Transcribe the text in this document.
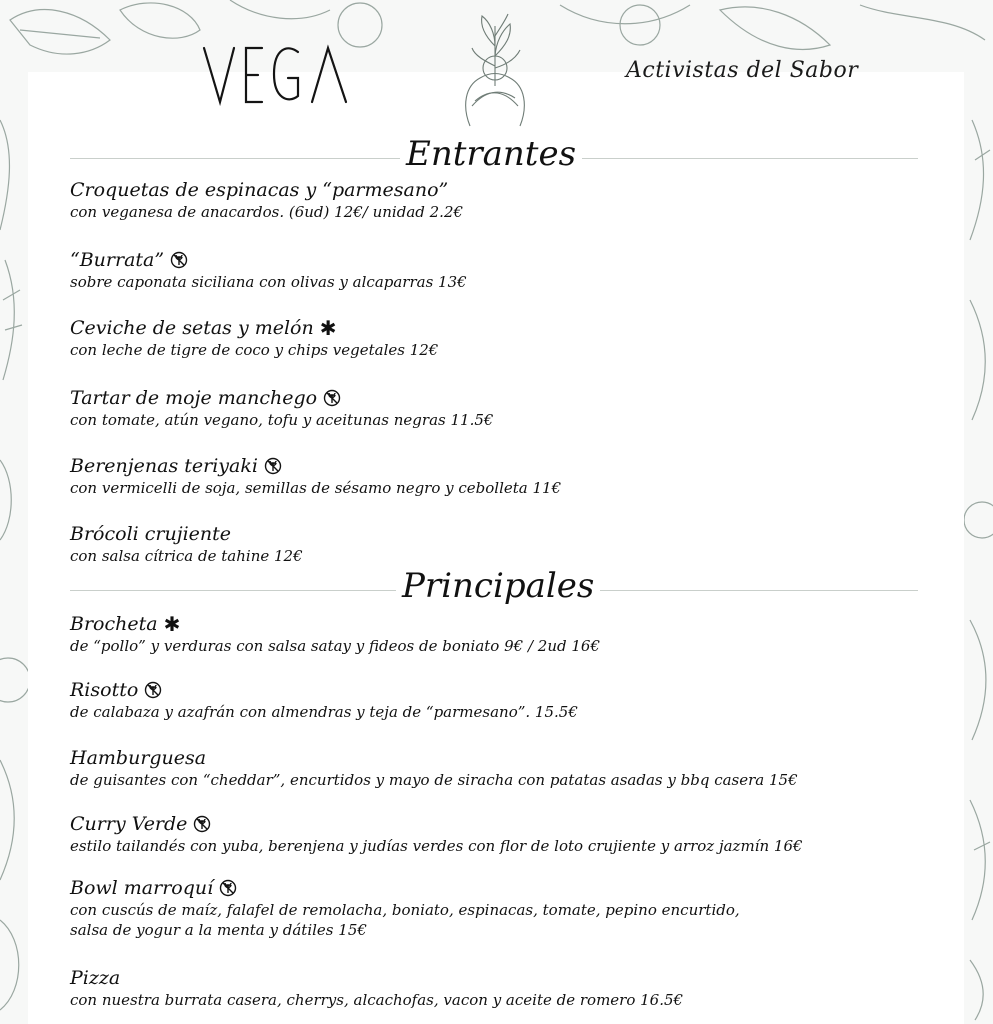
Activistas del Sabor
Entrantes
Croquetas de espinacas y “parmesano”
con veganesa de anacardos. (6ud) 12€/ unidad 2.2€
“Burrata”
sobre caponata siciliana con olivas y alcaparras 13€
Ceviche de setas y melón ✱
con leche de tigre de coco y chips vegetales 12€
Tartar de moje manchego
con tomate, atún vegano, tofu y aceitunas negras 11.5€
Berenjenas teriyaki
con vermicelli de soja, semillas de sésamo negro y cebolleta 11€
Brócoli crujiente
con salsa cítrica de tahine 12€
Principales
Brocheta ✱
de “pollo” y verduras con salsa satay y fideos de boniato 9€ / 2ud 16€
Risotto
de calabaza y azafrán con almendras y teja de “parmesano”. 15.5€
Hamburguesa
de guisantes con “cheddar”, encurtidos y mayo de siracha con patatas asadas y bbq casera 15€
Curry Verde
estilo tailandés con yuba, berenjena y judías verdes con flor de loto crujiente y arroz jazmín 16€
Bowl marroquí
con cuscús de maíz, falafel de remolacha, boniato, espinacas, tomate, pepino encurtido,
salsa de yogur a la menta y dátiles 15€
Pizza
con nuestra burrata casera, cherrys, alcachofas, vacon y aceite de romero 16.5€
